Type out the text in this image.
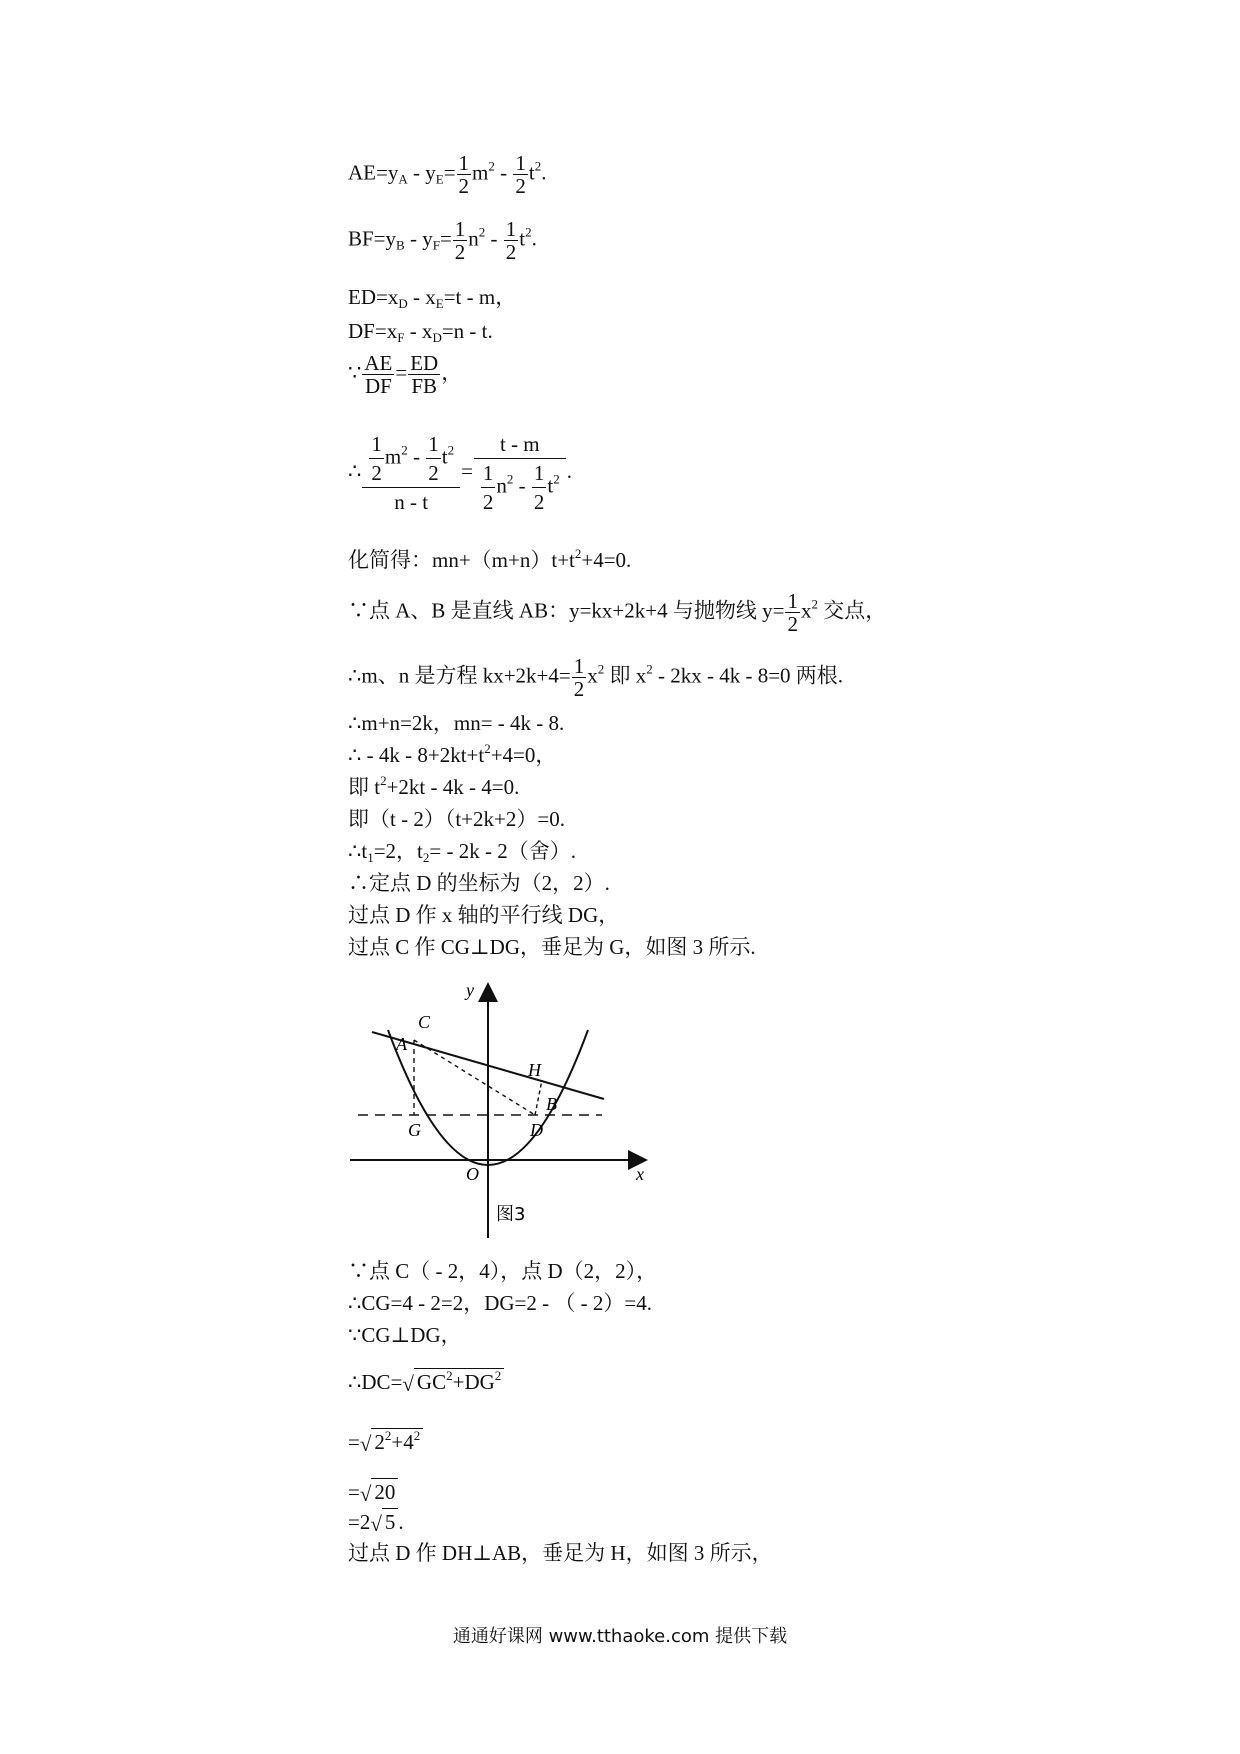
$AE=y_A - y_E= \frac{1}{2} m^2 - \frac{1}{2} t^2$.
$BF=y_B - y_F= \frac{1}{2} n^2 - \frac{1}{2} t^2$.
$ED=x_D - x_E=t - m$，
$DF=x_F - x_D=n - t$.
∵ $\frac{AE}{DF} = \frac{ED}{FB}$ ，
∴ $\frac{\frac{1}{2} m^2 - \frac{1}{2} t^2}{n - t} = \frac{t - m}{\frac{1}{2} n^2 - \frac{1}{2} t^2}$ .
化简得：$mn+(m+n)t+t^2+4=0$.
∵点 A、B 是直线 AB：y=kx+2k+4 与抛物线 $y= \frac{1}{2} x^2$ 交点，
∴m、n 是方程 $kx+2k+4= \frac{1}{2} x^2$ 即 $x^2 - 2kx - 4k - 8=0$ 两根.
∴m+n=2k，mn= - 4k - 8.
∴ - $4k - 8+2kt+t^2+4=0$，
即 $t^2+2kt - 4k - 4=0$.
即（t - 2）（t+2k+2）=0.
$\therefore t_1=2$，$t_2= - 2k - 2$（舍）.
∴定点 D 的坐标为（2，2）.
过点 D 作 x 轴的平行线 DG，
过点 C 作 CG⊥DG，垂足为 G，如图 3 所示.
C
A
H
B
G	D
O
y
x
图3
∵点 C（ - 2，4），点 D（2，2），
∴CG=4 - 2=2，DG=2 - （ - 2）=4.
∵CG⊥DG，
∴DC=√ $GC^2+DG^2$
=√ $2^2+4^2$
=√ 20
=2√ 5 .
过点 D 作 DH⊥AB，垂足为 H，如图 3 所示，
通通好课网 www.tthaoke.com 提供下载
